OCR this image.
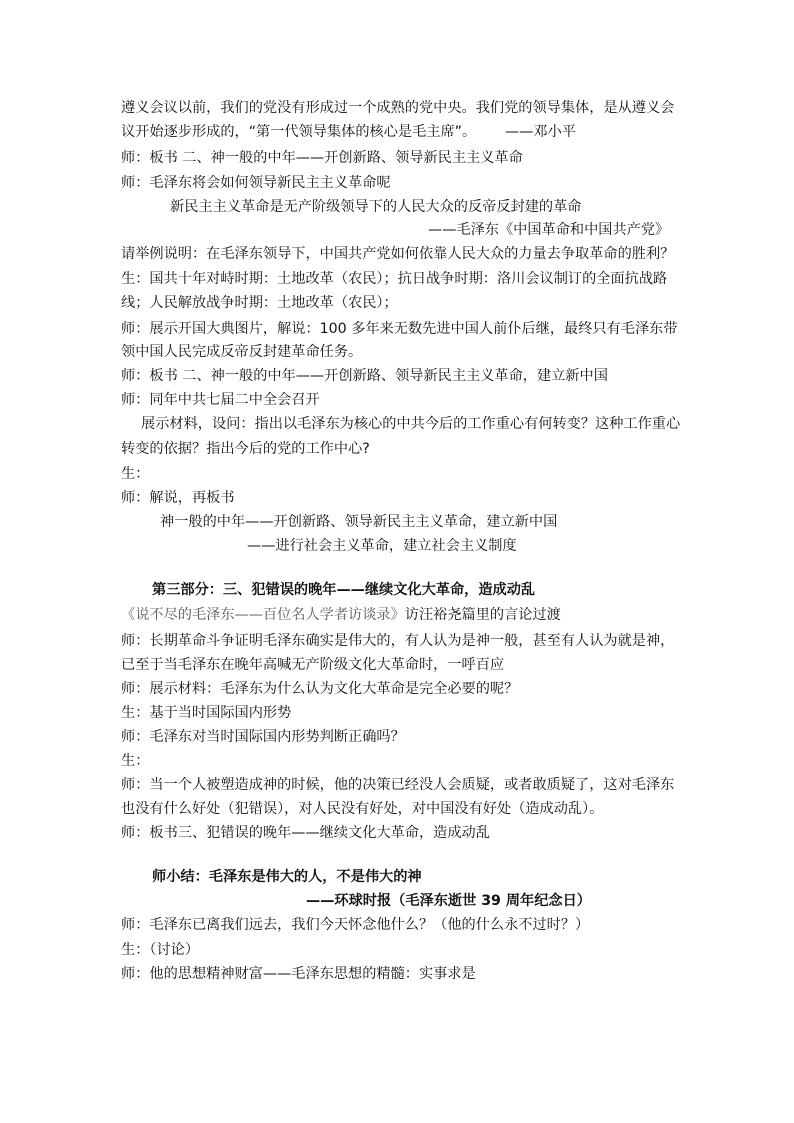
遵义会议以前，我们的党没有形成过一个成熟的党中央。我们党的领导集体，是从遵义会
议开始逐步形成的，“第一代领导集体的核心是毛主席”。 ——邓小平
师：板书 二、神一般的中年——开创新路、领导新民主主义革命
师：毛泽东将会如何领导新民主主义革命呢
新民主主义革命是无产阶级领导下的人民大众的反帝反封建的革命
——毛泽东《中国革命和中国共产党》
请举例说明：在毛泽东领导下，中国共产党如何依靠人民大众的力量去争取革命的胜利？
生：国共十年对峙时期：土地改革（农民）；抗日战争时期：洛川会议制订的全面抗战路
线；人民解放战争时期：土地改革（农民）；
师：展示开国大典图片，解说：100 多年来无数先进中国人前仆后继，最终只有毛泽东带
领中国人民完成反帝反封建革命任务。
师：板书 二、神一般的中年——开创新路、领导新民主主义革命，建立新中国
师：同年中共七届二中全会召开
展示材料，设问：指出以毛泽东为核心的中共今后的工作重心有何转变？这种工作重心
转变的依据？指出今后的党的工作中心?
生：
师：解说，再板书
神一般的中年——开创新路、领导新民主主义革命，建立新中国
——进行社会主义革命，建立社会主义制度
第三部分：三、犯错误的晚年——继续文化大革命，造成动乱
《说不尽的毛泽东——百位名人学者访谈录》访汪裕尧篇里的言论过渡
师：长期革命斗争证明毛泽东确实是伟大的，有人认为是神一般，甚至有人认为就是神，
已至于当毛泽东在晚年高喊无产阶级文化大革命时，一呼百应
师：展示材料：毛泽东为什么认为文化大革命是完全必要的呢？
生：基于当时国际国内形势
师：毛泽东对当时国际国内形势判断正确吗？
生：
师：当一个人被塑造成神的时候，他的决策已经没人会质疑，或者敢质疑了，这对毛泽东
也没有什么好处（犯错误），对人民没有好处，对中国没有好处（造成动乱）。
师：板书三、犯错误的晚年——继续文化大革命，造成动乱
师小结：毛泽东是伟大的人，不是伟大的神
——环球时报（毛泽东逝世 39 周年纪念日）
师：毛泽东已离我们远去，我们今天怀念他什么？（他的什么永不过时？）
生：（讨论）
师：他的思想精神财富——毛泽东思想的精髓：实事求是
